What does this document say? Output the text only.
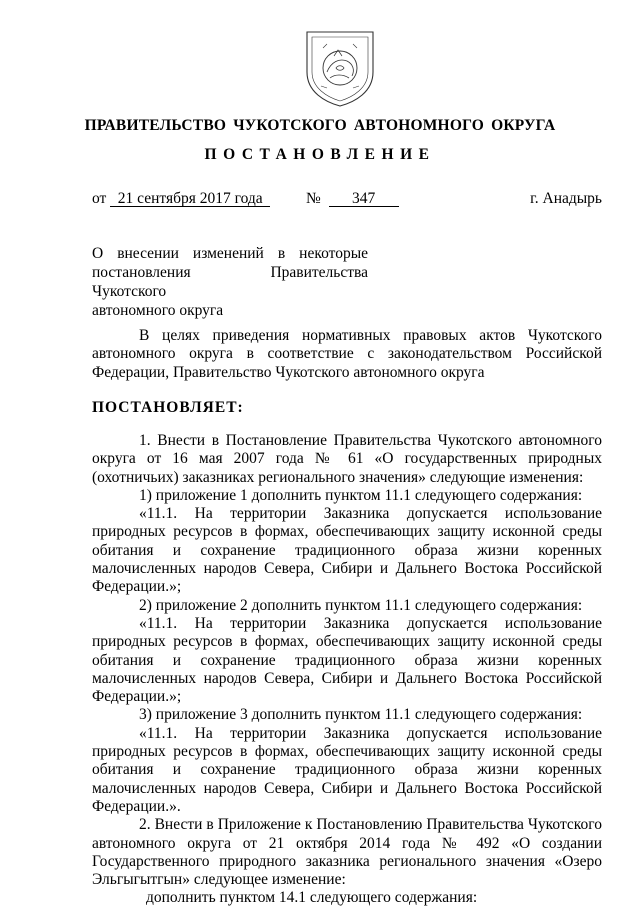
ПРАВИТЕЛЬСТВО ЧУКОТСКОГО АВТОНОМНОГО ОКРУГА
ПОСТАНОВЛЕНИЕ
от 21 сентября 2017 года	№ 347	г. Анадырь
О внесении изменений в некоторые
постановления Правительства Чукотского
автономного округа

В целях приведения нормативных правовых актов Чукотского автономного округа в соответствие с законодательством Российской Федерации, Правительство Чукотского автономного округа

ПОСТАНОВЛЯЕТ:

1. Внести в Постановление Правительства Чукотского автономного округа от 16 мая 2007 года № 61 «О государственных природных (охотничьих) заказниках регионального значения» следующие изменения:

1) приложение 1 дополнить пунктом 11.1 следующего содержания:

«11.1. На территории Заказника допускается использование природных ресурсов в формах, обеспечивающих защиту исконной среды обитания и сохранение традиционного образа жизни коренных малочисленных народов Севера, Сибири и Дальнего Востока Российской Федерации.»;

2) приложение 2 дополнить пунктом 11.1 следующего содержания:

«11.1. На территории Заказника допускается использование природных ресурсов в формах, обеспечивающих защиту исконной среды обитания и сохранение традиционного образа жизни коренных малочисленных народов Севера, Сибири и Дальнего Востока Российской Федерации.»;

3) приложение 3 дополнить пунктом 11.1 следующего содержания:

«11.1. На территории Заказника допускается использование природных ресурсов в формах, обеспечивающих защиту исконной среды обитания и сохранение традиционного образа жизни коренных малочисленных народов Севера, Сибири и Дальнего Востока Российской Федерации.».

2. Внести в Приложение к Постановлению Правительства Чукотского автономного округа от 21 октября 2014 года № 492 «О создании Государственного природного заказника регионального значения «Озеро Эльгыгытгын» следующее изменение:

дополнить пунктом 14.1 следующего содержания:
